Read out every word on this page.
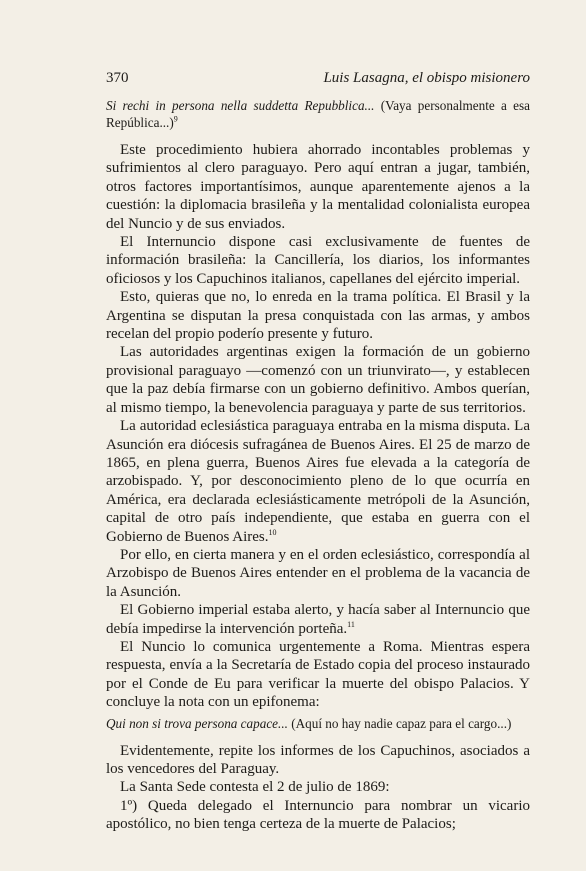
370	Luis Lasagna, el obispo misionero

Si rechi in persona nella suddetta Repubblica... (Vaya personalmente a esa República...)$^9$

Este procedimiento hubiera ahorrado incontables problemas y sufrimientos al clero paraguayo. Pero aquí entran a jugar, también, otros factores importantísimos, aunque aparentemente ajenos a la cuestión: la diplomacia brasileña y la mentalidad colonialista europea del Nuncio y de sus enviados.

El Internuncio dispone casi exclusivamente de fuentes de información brasileña: la Cancillería, los diarios, los informantes oficiosos y los Capuchinos italianos, capellanes del ejército imperial.

Esto, quieras que no, lo enreda en la trama política. El Brasil y la Argentina se disputan la presa conquistada con las armas, y ambos recelan del propio poderío presente y futuro.

Las autoridades argentinas exigen la formación de un gobierno provisional paraguayo —comenzó con un triunvirato—, y establecen que la paz debía firmarse con un gobierno definitivo. Ambos querían, al mismo tiempo, la benevolencia paraguaya y parte de sus territorios.

La autoridad eclesiástica paraguaya entraba en la misma disputa. La Asunción era diócesis sufragánea de Buenos Aires. El 25 de marzo de 1865, en plena guerra, Buenos Aires fue elevada a la categoría de arzobispado. Y, por desconocimiento pleno de lo que ocurría en América, era declarada eclesiásticamente metrópoli de la Asunción, capital de otro país independiente, que estaba en guerra con el Gobierno de Buenos Aires.$^{10}$

Por ello, en cierta manera y en el orden eclesiástico, correspondía al Arzobispo de Buenos Aires entender en el problema de la vacancia de la Asunción.

El Gobierno imperial estaba alerto, y hacía saber al Internuncio que debía impedirse la intervención porteña.$^{11}$

El Nuncio lo comunica urgentemente a Roma. Mientras espera respuesta, envía a la Secretaría de Estado copia del proceso instaurado por el Conde de Eu para verificar la muerte del obispo Palacios. Y concluye la nota con un epifonema:

Qui non si trova persona capace... (Aquí no hay nadie capaz para el cargo...)

Evidentemente, repite los informes de los Capuchinos, asociados a los vencedores del Paraguay.

La Santa Sede contesta el 2 de julio de 1869:

1º) Queda delegado el Internuncio para nombrar un vicario apostólico, no bien tenga certeza de la muerte de Palacios;
